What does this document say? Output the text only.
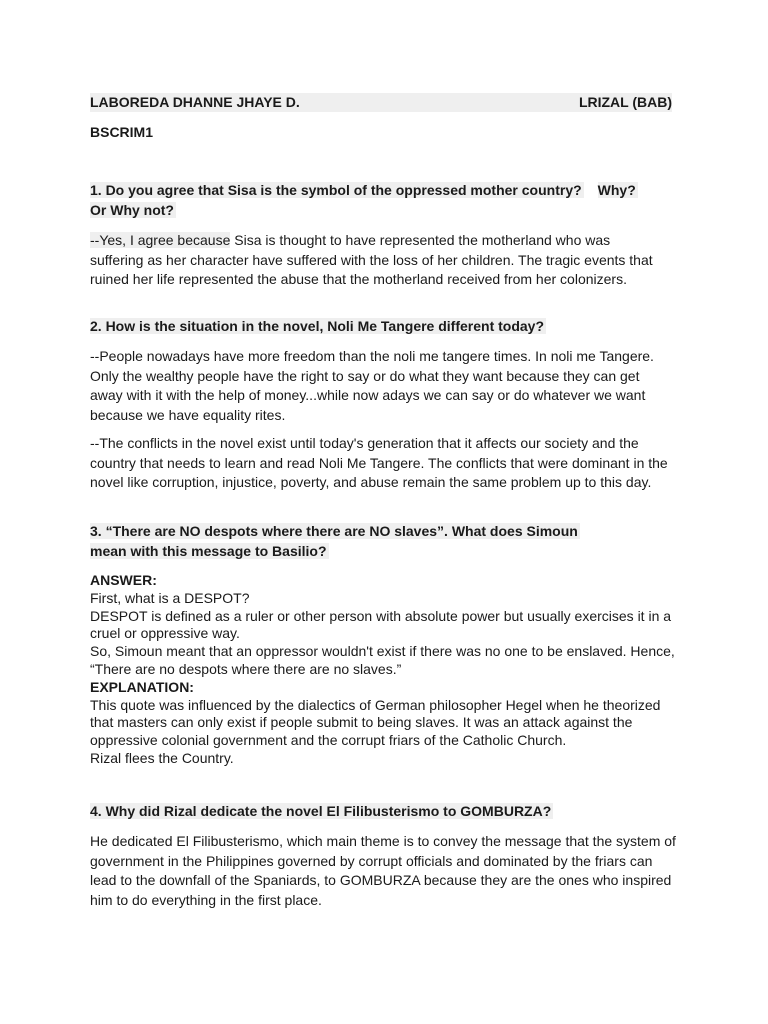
LABOREDA DHANNE JHAYE D.	LRIZAL (BAB)
BSCRIM1
1. Do you agree that Sisa is the symbol of the oppressed mother country? Why?
Or Why not?
--Yes, I agree because Sisa is thought to have represented the motherland who was
suffering as her character have suffered with the loss of her children. The tragic events that ruined her life represented the abuse that the motherland received from her colonizers.
2. How is the situation in the novel, Noli Me Tangere different today?
--People nowadays have more freedom than the noli me tangere times. In noli me Tangere. Only the wealthy people have the right to say or do what they want because they can get away with it with the help of money...while now adays we can say or do whatever we want because we have equality rites.
--The conflicts in the novel exist until today's generation that it affects our society and the country that needs to learn and read Noli Me Tangere. The conflicts that were dominant in the novel like corruption, injustice, poverty, and abuse remain the same problem up to this day.
3. “There are NO despots where there are NO slaves”. What does Simoun
mean with this message to Basilio?
ANSWER:
First, what is a DESPOT?
DESPOT is defined as a ruler or other person with absolute power but usually exercises it in a cruel or oppressive way.
So, Simoun meant that an oppressor wouldn't exist if there was no one to be enslaved. Hence, “There are no despots where there are no slaves.”
EXPLANATION:
This quote was influenced by the dialectics of German philosopher Hegel when he theorized that masters can only exist if people submit to being slaves. It was an attack against the oppressive colonial government and the corrupt friars of the Catholic Church.
Rizal flees the Country.
4. Why did Rizal dedicate the novel El Filibusterismo to GOMBURZA?
He dedicated El Filibusterismo, which main theme is to convey the message that the system of government in the Philippines governed by corrupt officials and dominated by the friars can lead to the downfall of the Spaniards, to GOMBURZA because they are the ones who inspired him to do everything in the first place.
